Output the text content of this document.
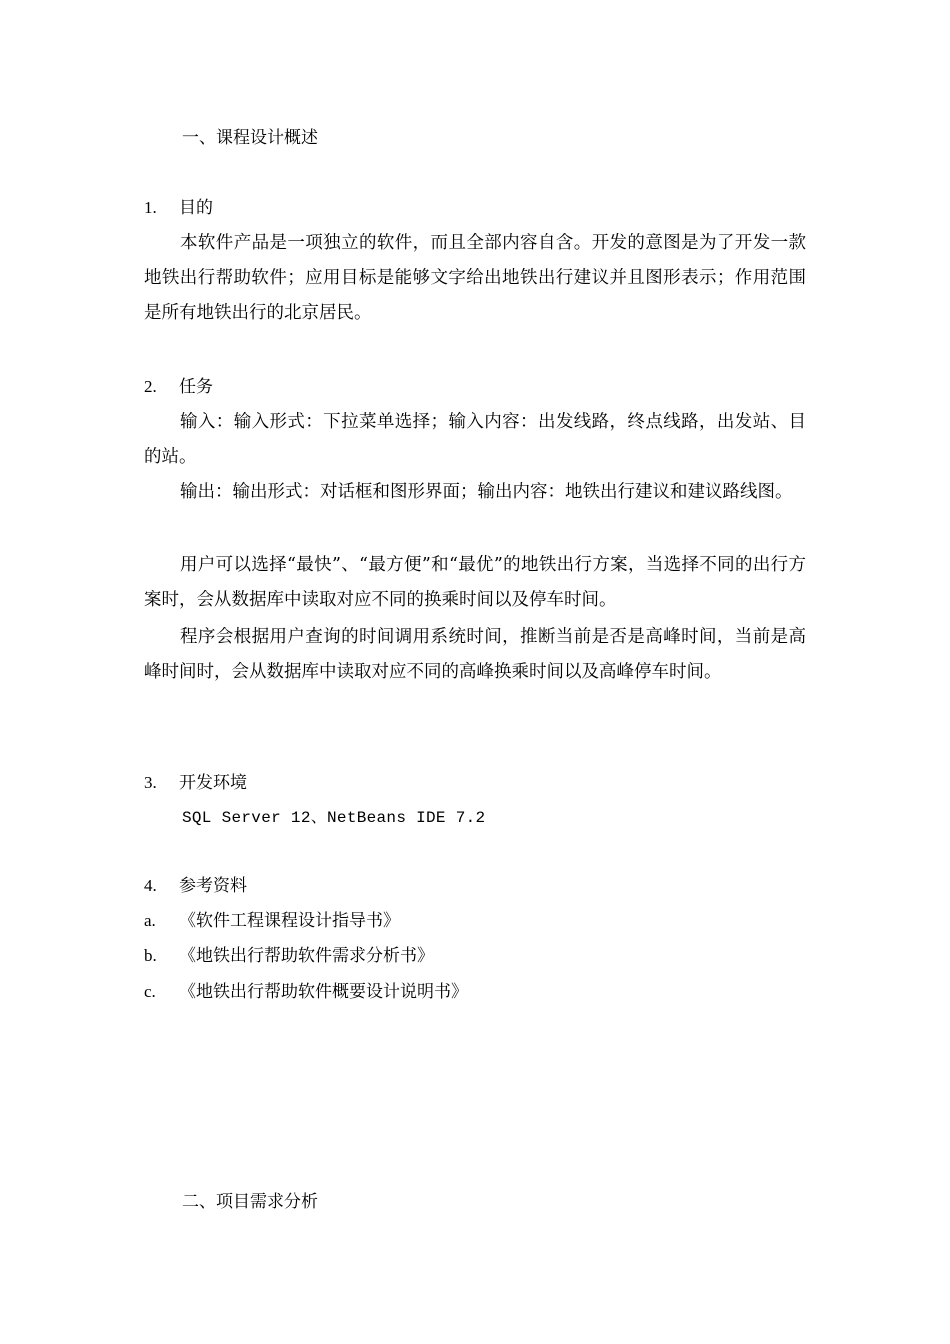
一、课程设计概述
1. 目的
本软件产品是一项独立的软件，而且全部内容自含。开发的意图是为了开发一款地铁出行帮助软件；应用目标是能够文字给出地铁出行建议并且图形表示；作用范围是所有地铁出行的北京居民。
2. 任务
输入：输入形式：下拉菜单选择；输入内容：出发线路，终点线路，出发站、目的站。
输出：输出形式：对话框和图形界面；输出内容：地铁出行建议和建议路线图。
用户可以选择“最快”、“最方便”和“最优”的地铁出行方案，当选择不同的出行方案时，会从数据库中读取对应不同的换乘时间以及停车时间。
程序会根据用户查询的时间调用系统时间，推断当前是否是高峰时间，当前是高峰时间时，会从数据库中读取对应不同的高峰换乘时间以及高峰停车时间。
3. 开发环境
SQL Server 12、NetBeans IDE 7.2
4. 参考资料
a. 《软件工程课程设计指导书》
b. 《地铁出行帮助软件需求分析书》
c. 《地铁出行帮助软件概要设计说明书》
二、项目需求分析
